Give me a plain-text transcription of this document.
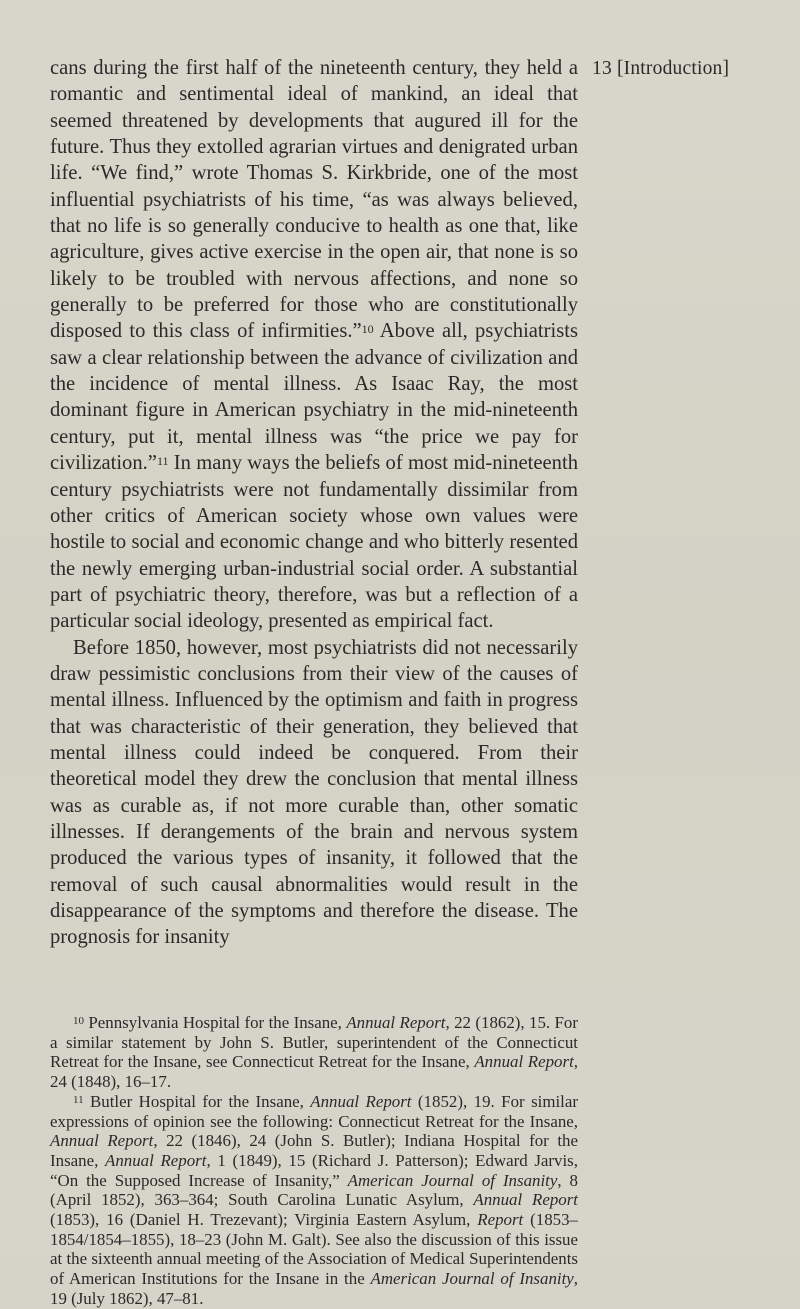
13 [Introduction]

cans during the first half of the nineteenth century, they held a romantic and sentimental ideal of mankind, an ideal that seemed threatened by developments that augured ill for the future. Thus they extolled agrarian virtues and denigrated urban life. “We find,” wrote Thomas S. Kirkbride, one of the most influential psychiatrists of his time, “as was always believed, that no life is so generally conducive to health as one that, like agriculture, gives active exercise in the open air, that none is so likely to be troubled with nervous affections, and none so generally to be preferred for those who are constitutionally disposed to this class of infirmities.”$^{10}$ Above all, psychiatrists saw a clear relationship between the advance of civilization and the incidence of mental illness. As Isaac Ray, the most dominant figure in American psychiatry in the mid-nineteenth century, put it, mental illness was “the price we pay for civilization.”$^{11}$ In many ways the beliefs of most mid-nineteenth century psychiatrists were not fundamentally dissimilar from other critics of American society whose own values were hostile to social and economic change and who bitterly resented the newly emerging urban-industrial social order. A substantial part of psychiatric theory, therefore, was but a reflection of a particular social ideology, presented as empirical fact.

Before 1850, however, most psychiatrists did not necessarily draw pessimistic conclusions from their view of the causes of mental illness. Influenced by the optimism and faith in progress that was characteristic of their generation, they believed that mental illness could indeed be conquered. From their theoretical model they drew the conclusion that mental illness was as curable as, if not more curable than, other somatic illnesses. If derangements of the brain and nervous system produced the various types of insanity, it followed that the removal of such causal abnormalities would result in the disappearance of the symptoms and therefore the disease. The prognosis for insanity

$^{10}$ Pennsylvania Hospital for the Insane, Annual Report, 22 (1862), 15. For a similar statement by John S. Butler, superintendent of the Connecticut Retreat for the Insane, see Connecticut Retreat for the Insane, Annual Report, 24 (1848), 16–17.

$^{11}$ Butler Hospital for the Insane, Annual Report (1852), 19. For similar expressions of opinion see the following: Connecticut Retreat for the Insane, Annual Report, 22 (1846), 24 (John S. Butler); Indiana Hospital for the Insane, Annual Report, 1 (1849), 15 (Richard J. Patterson); Edward Jarvis, “On the Supposed Increase of Insanity,” American Journal of Insanity, 8 (April 1852), 363–364; South Carolina Lunatic Asylum, Annual Report (1853), 16 (Daniel H. Trezevant); Virginia Eastern Asylum, Report (1853–1854/1854–1855), 18–23 (John M. Galt). See also the discussion of this issue at the sixteenth annual meeting of the Association of Medical Superintendents of American Institutions for the Insane in the American Journal of Insanity, 19 (July 1862), 47–81.
